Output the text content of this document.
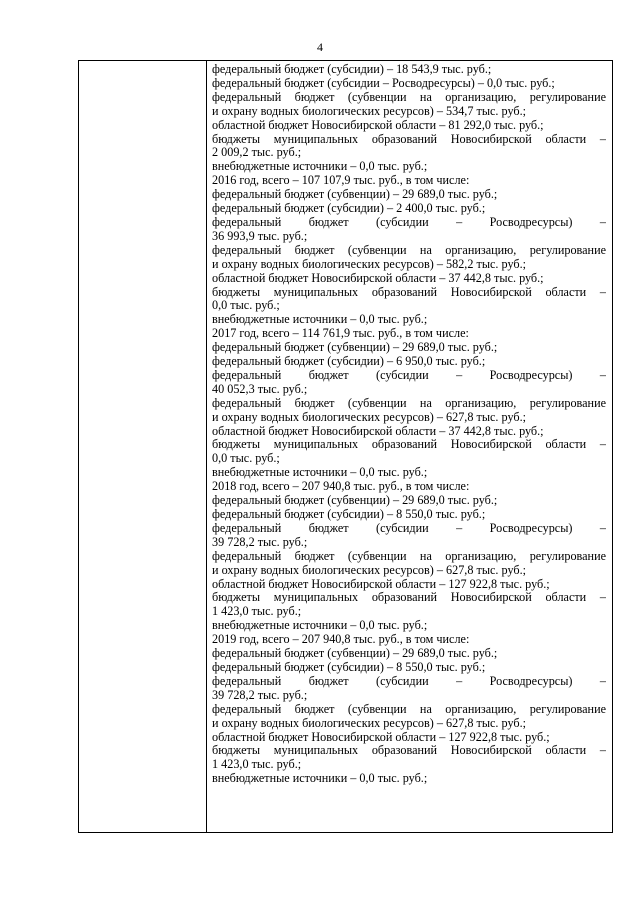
4

федеральный бюджет (субсидии) – 18 543,9 тыс. руб.;
федеральный бюджет (субсидии – Росводресурсы) – 0,0 тыс. руб.;
федеральный бюджет (субвенции на организацию, регулирование
и охрану водных биологических ресурсов) – 534,7 тыс. руб.;
областной бюджет Новосибирской области – 81 292,0 тыс. руб.;
бюджеты муниципальных образований Новосибирской области –
2 009,2 тыс. руб.;
внебюджетные источники – 0,0 тыс. руб.;
2016 год, всего – 107 107,9 тыс. руб., в том числе:
федеральный бюджет (субвенции) – 29 689,0 тыс. руб.;
федеральный бюджет (субсидии) – 2 400,0 тыс. руб.;
федеральный бюджет (субсидии – Росводресурсы) –
36 993,9 тыс. руб.;
федеральный бюджет (субвенции на организацию, регулирование
и охрану водных биологических ресурсов) – 582,2 тыс. руб.;
областной бюджет Новосибирской области – 37 442,8 тыс. руб.;
бюджеты муниципальных образований Новосибирской области –
0,0 тыс. руб.;
внебюджетные источники – 0,0 тыс. руб.;
2017 год, всего – 114 761,9 тыс. руб., в том числе:
федеральный бюджет (субвенции) – 29 689,0 тыс. руб.;
федеральный бюджет (субсидии) – 6 950,0 тыс. руб.;
федеральный бюджет (субсидии – Росводресурсы) –
40 052,3 тыс. руб.;
федеральный бюджет (субвенции на организацию, регулирование
и охрану водных биологических ресурсов) – 627,8 тыс. руб.;
областной бюджет Новосибирской области – 37 442,8 тыс. руб.;
бюджеты муниципальных образований Новосибирской области –
0,0 тыс. руб.;
внебюджетные источники – 0,0 тыс. руб.;
2018 год, всего – 207 940,8 тыс. руб., в том числе:
федеральный бюджет (субвенции) – 29 689,0 тыс. руб.;
федеральный бюджет (субсидии) – 8 550,0 тыс. руб.;
федеральный бюджет (субсидии – Росводресурсы) –
39 728,2 тыс. руб.;
федеральный бюджет (субвенции на организацию, регулирование
и охрану водных биологических ресурсов) – 627,8 тыс. руб.;
областной бюджет Новосибирской области – 127 922,8 тыс. руб.;
бюджеты муниципальных образований Новосибирской области –
1 423,0 тыс. руб.;
внебюджетные источники – 0,0 тыс. руб.;
2019 год, всего – 207 940,8 тыс. руб., в том числе:
федеральный бюджет (субвенции) – 29 689,0 тыс. руб.;
федеральный бюджет (субсидии) – 8 550,0 тыс. руб.;
федеральный бюджет (субсидии – Росводресурсы) –
39 728,2 тыс. руб.;
федеральный бюджет (субвенции на организацию, регулирование
и охрану водных биологических ресурсов) – 627,8 тыс. руб.;
областной бюджет Новосибирской области – 127 922,8 тыс. руб.;
бюджеты муниципальных образований Новосибирской области –
1 423,0 тыс. руб.;
внебюджетные источники – 0,0 тыс. руб.;
